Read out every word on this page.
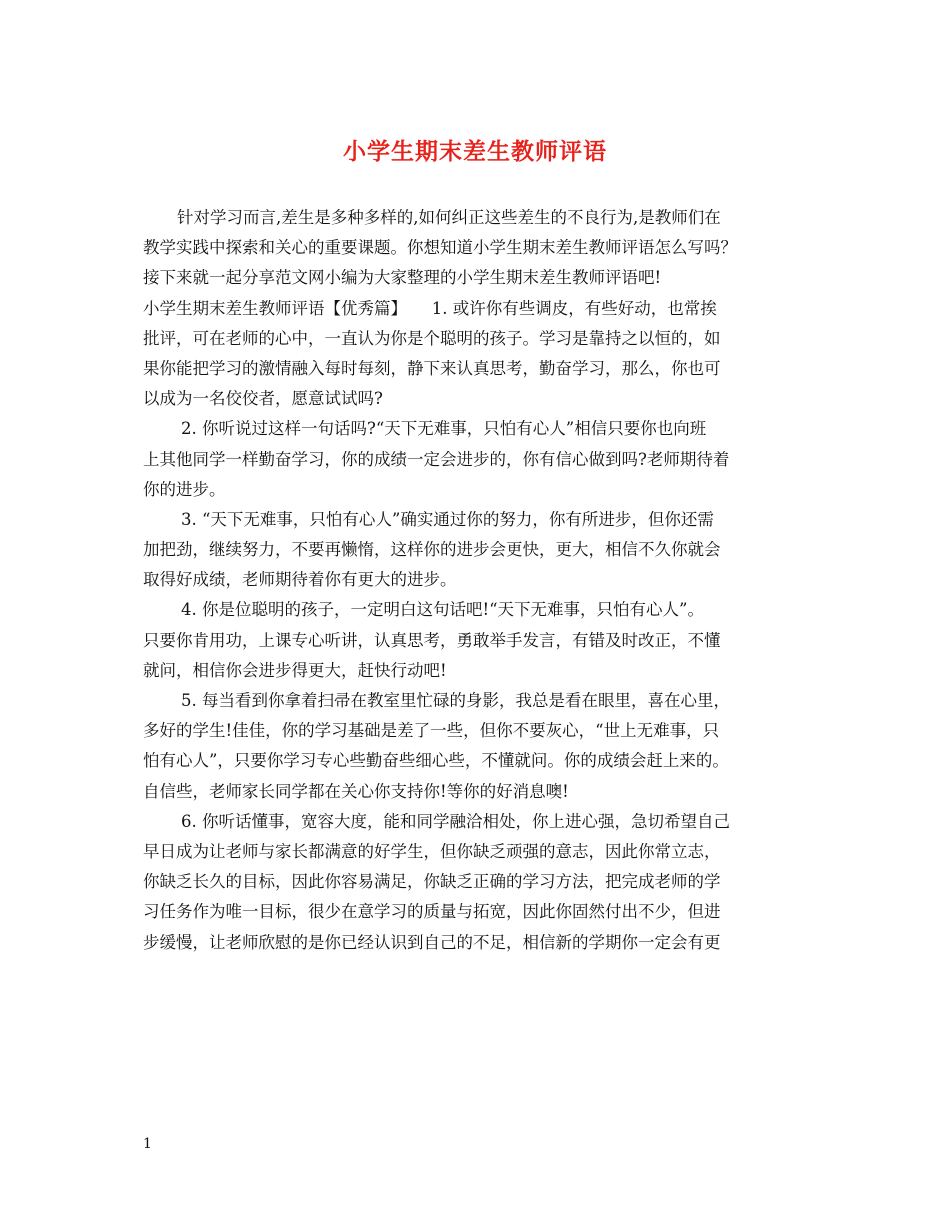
小学生期末差生教师评语
针对学习而言,差生是多种多样的,如何纠正这些差生的不良行为,是教师们在
教学实践中探索和关心的重要课题。你想知道小学生期末差生教师评语怎么写吗？
接下来就一起分享范文网小编为大家整理的小学生期末差生教师评语吧!
小学生期末差生教师评语【优秀篇】　　1. 或许你有些调皮，有些好动，也常挨
批评，可在老师的心中，一直认为你是个聪明的孩子。学习是靠持之以恒的，如
果你能把学习的激情融入每时每刻，静下来认真思考，勤奋学习，那么，你也可
以成为一名佼佼者，愿意试试吗?
2. 你听说过这样一句话吗?“天下无难事，只怕有心人”相信只要你也向班
上其他同学一样勤奋学习，你的成绩一定会进步的，你有信心做到吗?老师期待着
你的进步。
3. “天下无难事，只怕有心人”确实通过你的努力，你有所进步，但你还需
加把劲，继续努力，不要再懒惰，这样你的进步会更快，更大，相信不久你就会
取得好成绩，老师期待着你有更大的进步。
4. 你是位聪明的孩子，一定明白这句话吧!“天下无难事，只怕有心人”。
只要你肯用功，上课专心听讲，认真思考，勇敢举手发言，有错及时改正，不懂
就问，相信你会进步得更大，赶快行动吧!
5. 每当看到你拿着扫帚在教室里忙碌的身影，我总是看在眼里，喜在心里，
多好的学生!佳佳，你的学习基础是差了一些，但你不要灰心，“世上无难事，只
怕有心人”，只要你学习专心些勤奋些细心些，不懂就问。你的成绩会赶上来的。
自信些，老师家长同学都在关心你支持你!等你的好消息噢!
6. 你听话懂事，宽容大度，能和同学融洽相处，你上进心强，急切希望自己
早日成为让老师与家长都满意的好学生，但你缺乏顽强的意志，因此你常立志，
你缺乏长久的目标，因此你容易满足，你缺乏正确的学习方法，把完成老师的学
习任务作为唯一目标，很少在意学习的质量与拓宽，因此你固然付出不少，但进
步缓慢，让老师欣慰的是你已经认识到自己的不足，相信新的学期你一定会有更
1
